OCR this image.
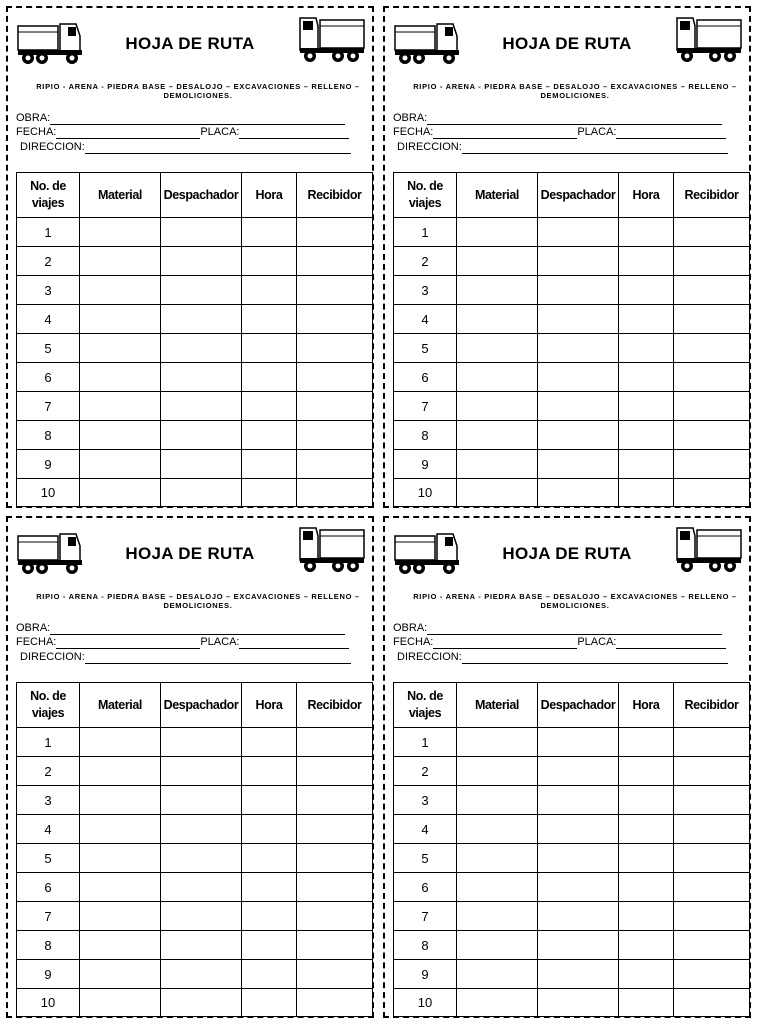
HOJA DE RUTA
RIPIO - ARENA - PIEDRA BASE – DESALOJO – EXCAVACIONES – RELLENO – DEMOLICIONES.
OBRA:
FECHA:	PLACA:
DIRECCION:
No. de viajes	Material	Despachador	Hora	Recibidor
1				
2				
3				
4				
5				
6				
7				
8				
9				
10				
HOJA DE RUTA
RIPIO - ARENA - PIEDRA BASE – DESALOJO – EXCAVACIONES – RELLENO – DEMOLICIONES.
OBRA:
FECHA:	PLACA:
DIRECCION:
No. de viajes	Material	Despachador	Hora	Recibidor
1				
2				
3				
4				
5				
6				
7				
8				
9				
10				
HOJA DE RUTA
RIPIO - ARENA - PIEDRA BASE – DESALOJO – EXCAVACIONES – RELLENO – DEMOLICIONES.
OBRA:
FECHA:	PLACA:
DIRECCION:
No. de viajes	Material	Despachador	Hora	Recibidor
1				
2				
3				
4				
5				
6				
7				
8				
9				
10				
HOJA DE RUTA
RIPIO - ARENA - PIEDRA BASE – DESALOJO – EXCAVACIONES – RELLENO – DEMOLICIONES.
OBRA:
FECHA:	PLACA:
DIRECCION:
No. de viajes	Material	Despachador	Hora	Recibidor
1				
2				
3				
4				
5				
6				
7				
8				
9				
10				
